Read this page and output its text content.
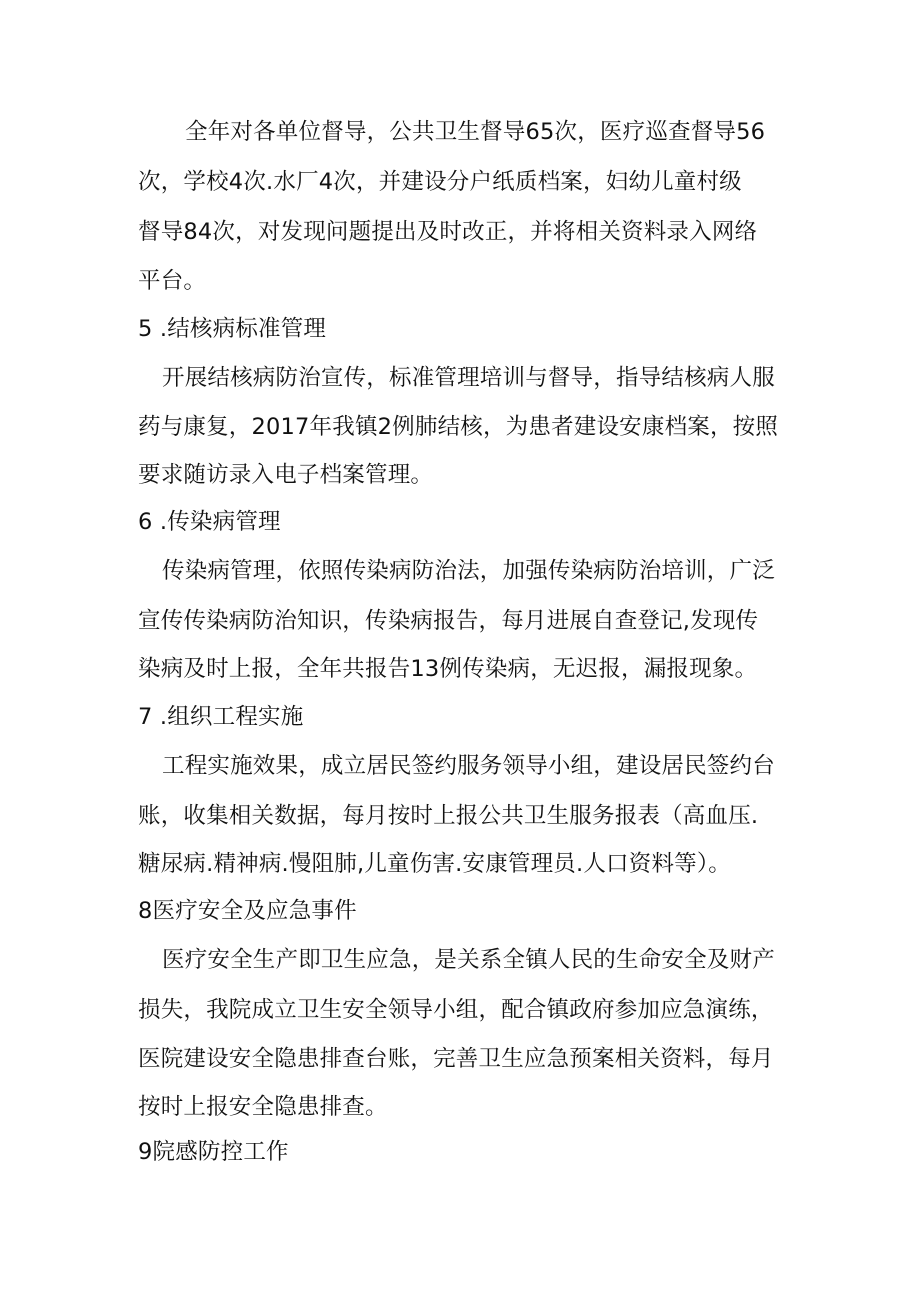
全年对各单位督导，公共卫生督导65次，医疗巡查督导56
次，学校4次.水厂4次，并建设分户纸质档案，妇幼儿童村级
督导84次，对发现问题提出及时改正，并将相关资料录入网络
平台。
5 .结核病标准管理
开展结核病防治宣传，标准管理培训与督导，指导结核病人服
药与康复，2017年我镇2例肺结核，为患者建设安康档案，按照
要求随访录入电子档案管理。
6 .传染病管理
传染病管理，依照传染病防治法，加强传染病防治培训，广泛
宣传传染病防治知识，传染病报告，每月进展自查登记,发现传
染病及时上报，全年共报告13例传染病，无迟报，漏报现象。
7 .组织工程实施
工程实施效果，成立居民签约服务领导小组，建设居民签约台
账，收集相关数据，每月按时上报公共卫生服务报表（高血压.
糖尿病.精神病.慢阻肺,儿童伤害.安康管理员.人口资料等）。
8医疗安全及应急事件
医疗安全生产即卫生应急，是关系全镇人民的生命安全及财产
损失，我院成立卫生安全领导小组，配合镇政府参加应急演练，
医院建设安全隐患排查台账，完善卫生应急预案相关资料，每月
按时上报安全隐患排查。
9院感防控工作
